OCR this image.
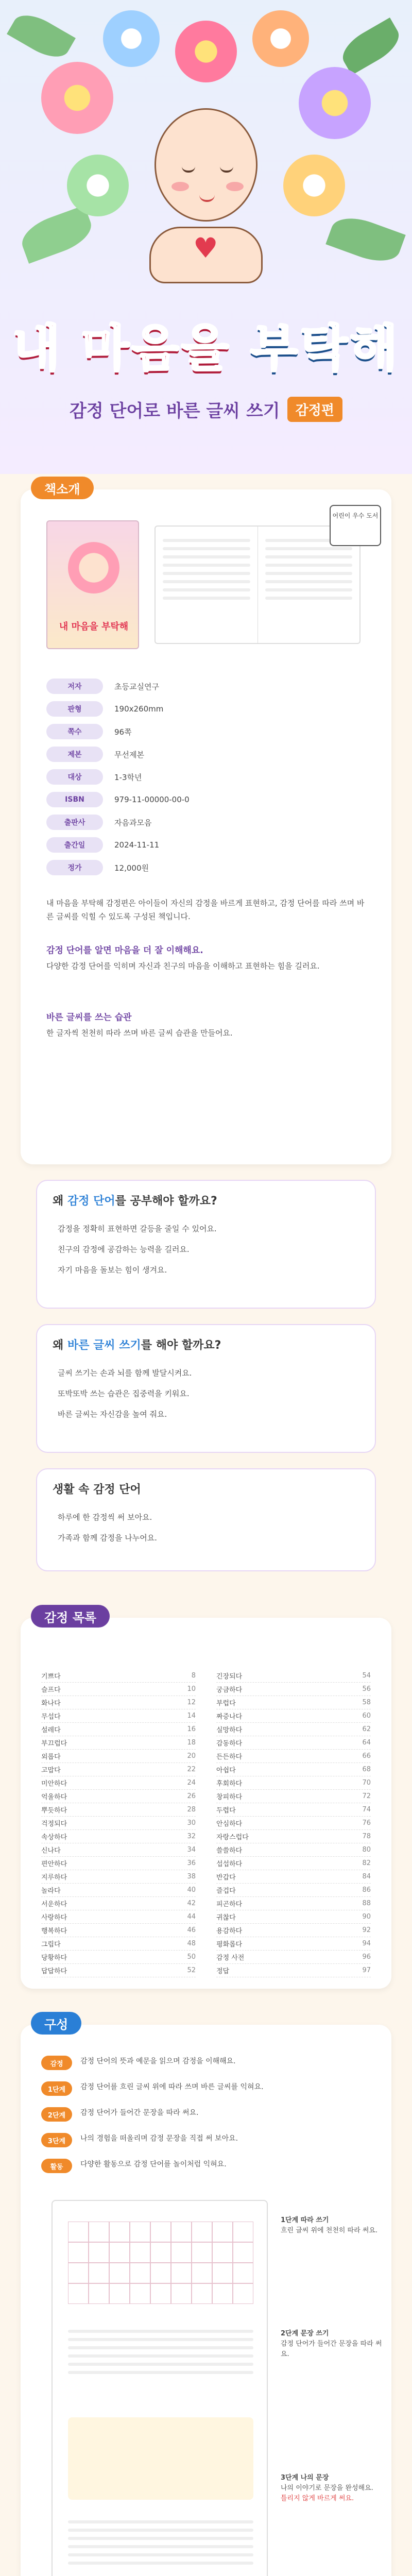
♥
내 마음을 부탁해
감정 단어로 바른 글씨 쓰기	감정편
책소개
내 마음을 부탁해
어린이 우수 도서
저자	초등교실연구
판형	190x260mm
쪽수	96쪽
제본	무선제본
대상	1-3학년
ISBN	979-11-00000-00-0
출판사	자음과모음
출간일	2024-11-11
정가	12,000원
내 마음을 부탁해 감정편은 아이들이 자신의 감정을 바르게 표현하고, 감정 단어를 따라 쓰며 바른 글씨를 익힐 수 있도록 구성된 책입니다.
감정 단어를 알면 마음을 더 잘 이해해요.
다양한 감정 단어를 익히며 자신과 친구의 마음을 이해하고 표현하는 힘을 길러요.
바른 글씨를 쓰는 습관
한 글자씩 천천히 따라 쓰며 바른 글씨 습관을 만들어요.
왜 감정 단어를 공부해야 할까요?
감정을 정확히 표현하면 갈등을 줄일 수 있어요.
친구의 감정에 공감하는 능력을 길러요.
자기 마음을 돌보는 힘이 생겨요.
왜 바른 글씨 쓰기를 해야 할까요?
글씨 쓰기는 손과 뇌를 함께 발달시켜요.
또박또박 쓰는 습관은 집중력을 키워요.
바른 글씨는 자신감을 높여 줘요.
생활 속 감정 단어
하루에 한 감정씩 써 보아요.
가족과 함께 감정을 나누어요.
감정 목록
기쁘다	8
슬프다	10
화나다	12
무섭다	14
설레다	16
부끄럽다	18
외롭다	20
고맙다	22
미안하다	24
억울하다	26
뿌듯하다	28
걱정되다	30
속상하다	32
신나다	34
편안하다	36
지루하다	38
놀라다	40
서운하다	42
사랑하다	44
행복하다	46
그립다	48
당황하다	50
답답하다	52
긴장되다	54
궁금하다	56
부럽다	58
짜증나다	60
실망하다	62
감동하다	64
든든하다	66
아쉽다	68
후회하다	70
창피하다	72
두렵다	74
안심하다	76
자랑스럽다	78
쓸쓸하다	80
섭섭하다	82
반갑다	84
즐겁다	86
피곤하다	88
귀찮다	90
용감하다	92
평화롭다	94
감정 사전	96
정답	97
구성
감정	감정 단어의 뜻과 예문을 읽으며 감정을 이해해요.
1단계	감정 단어를 흐린 글씨 위에 따라 쓰며 바른 글씨를 익혀요.
2단계	감정 단어가 들어간 문장을 따라 써요.
3단계	나의 경험을 떠올리며 감정 문장을 직접 써 보아요.
활동	다양한 활동으로 감정 단어를 놀이처럼 익혀요.
1단계 따라 쓰기
흐린 글씨 위에 천천히 따라 써요.
2단계 문장 쓰기
감정 단어가 들어간 문장을 따라 써요.
3단계 나의 문장
나의 이야기로 문장을 완성해요.
틀리지 않게 바르게 써요.
